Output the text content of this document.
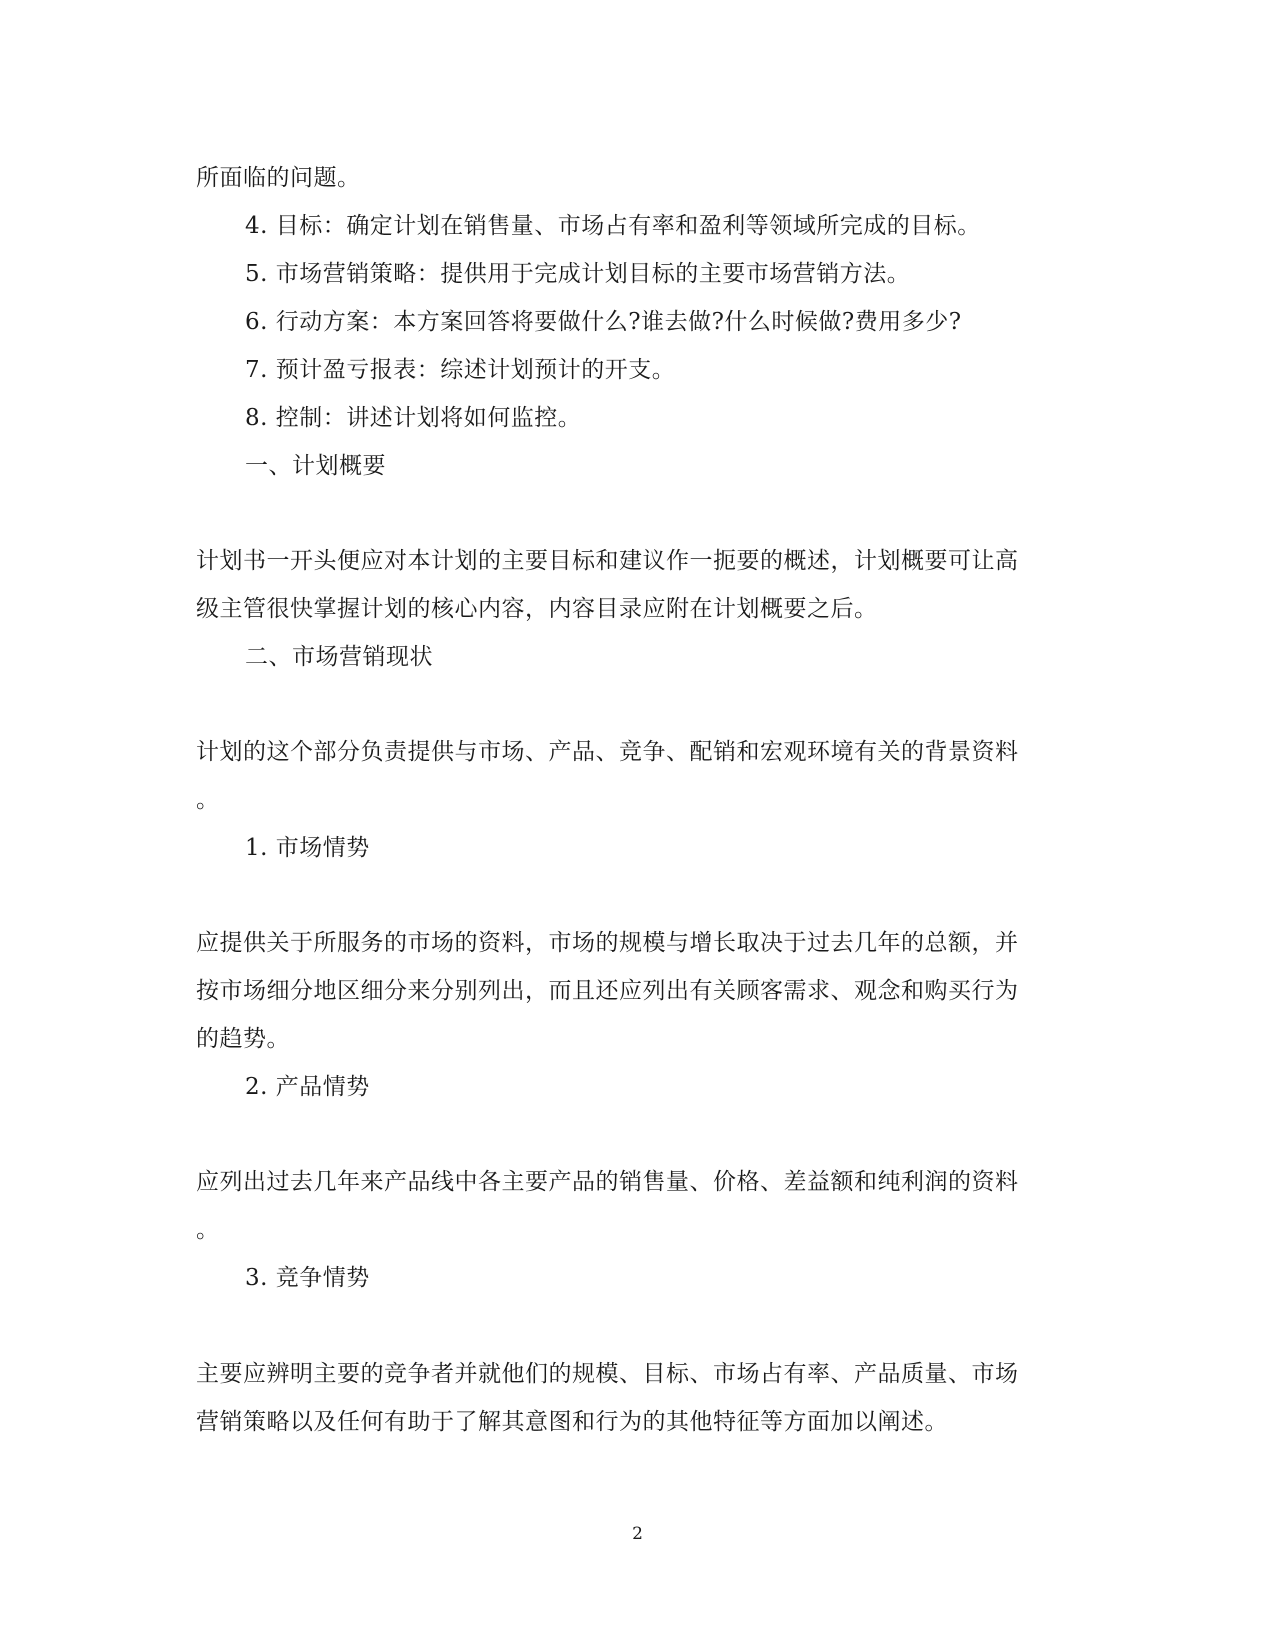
所面临的问题。
4. 目标：确定计划在销售量、市场占有率和盈利等领域所完成的目标。
5. 市场营销策略：提供用于完成计划目标的主要市场营销方法。
6. 行动方案：本方案回答将要做什么?谁去做?什么时候做?费用多少?
7. 预计盈亏报表：综述计划预计的开支。
8. 控制：讲述计划将如何监控。
一、计划概要
计划书一开头便应对本计划的主要目标和建议作一扼要的概述，计划概要可让高
级主管很快掌握计划的核心内容，内容目录应附在计划概要之后。
二、市场营销现状
计划的这个部分负责提供与市场、产品、竞争、配销和宏观环境有关的背景资料
。
1. 市场情势
应提供关于所服务的市场的资料，市场的规模与增长取决于过去几年的总额，并
按市场细分地区细分来分别列出，而且还应列出有关顾客需求、观念和购买行为
的趋势。
2. 产品情势
应列出过去几年来产品线中各主要产品的销售量、价格、差益额和纯利润的资料
。
3. 竞争情势
主要应辨明主要的竞争者并就他们的规模、目标、市场占有率、产品质量、市场
营销策略以及任何有助于了解其意图和行为的其他特征等方面加以阐述。
2
